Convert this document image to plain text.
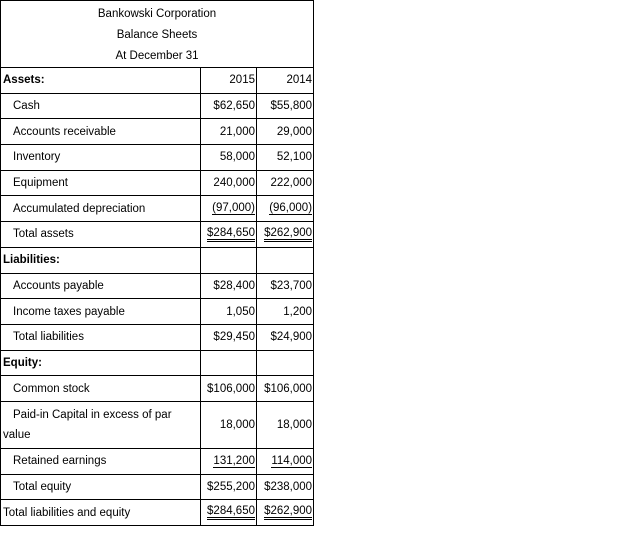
Bankowski Corporation
Balance Sheets
At December 31		

Assets:	2015	2014
Cash	$62,650	$55,800
Accounts receivable	21,000	29,000
Inventory	58,000	52,100
Equipment	240,000	222,000
Accumulated depreciation	(97,000)	(96,000)
Total assets	$284,650	$262,900
Liabilities:		
Accounts payable	$28,400	$23,700
Income taxes payable	1,050	1,200
Total liabilities	$29,450	$24,900
Equity:		
Common stock	$106,000	$106,000

Paid-in Capital in excess of par
value	18,000	18,000
Retained earnings	131,200	114,000
Total equity	$255,200	$238,000
Total liabilities and equity	$284,650	$262,900
